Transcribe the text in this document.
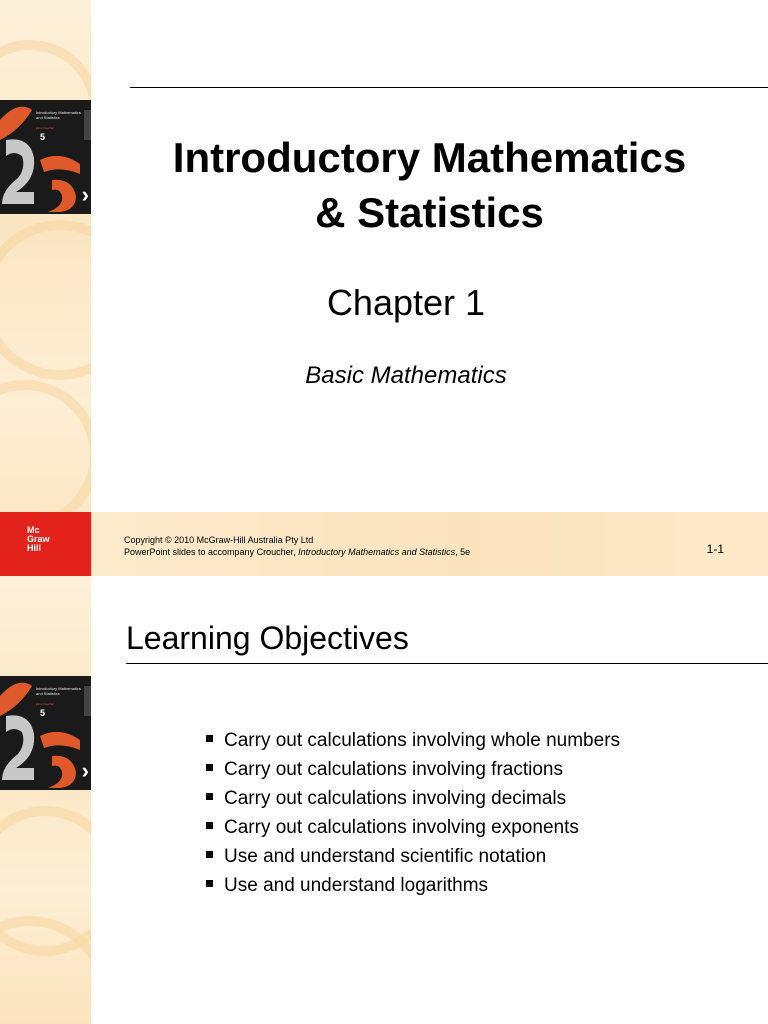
Introductory Mathematics and Statistics
john croucher
5
›
Introductory Mathematics
& Statistics
Chapter 1
Basic Mathematics
Mc
Graw
Hill
Copyright © 2010 McGraw-Hill Australia Pty Ltd
PowerPoint slides to accompany Croucher, Introductory Mathematics and Statistics, 5e	1-1
Learning Objectives
Introductory Mathematics and Statistics
john croucher
5
›
Carry out calculations involving whole numbers
Carry out calculations involving fractions
Carry out calculations involving decimals
Carry out calculations involving exponents
Use and understand scientific notation
Use and understand logarithms
